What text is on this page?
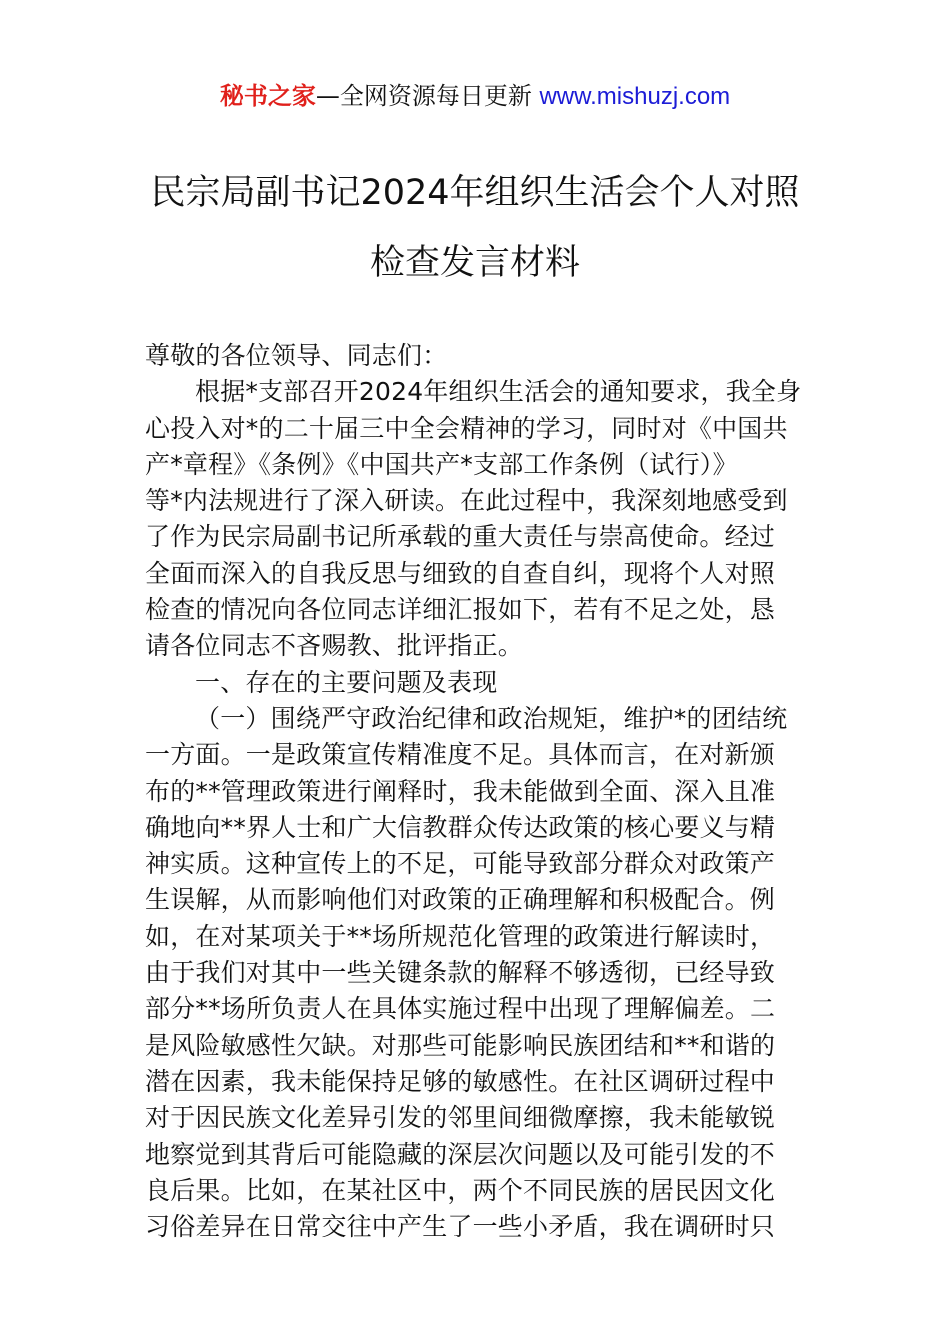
秘书之家—全网资源每日更新 www.mishuzj.com
民宗局副书记2024年组织生活会个人对照
检查发言材料
尊敬的各位领导、同志们：
根据*支部召开2024年组织生活会的通知要求，我全身
心投入对*的二十届三中全会精神的学习，同时对《中国共
产*章程》《条例》《中国共产*支部工作条例（试行）》
等*内法规进行了深入研读。在此过程中，我深刻地感受到
了作为民宗局副书记所承载的重大责任与崇高使命。经过
全面而深入的自我反思与细致的自查自纠，现将个人对照
检查的情况向各位同志详细汇报如下，若有不足之处，恳
请各位同志不吝赐教、批评指正。
一、存在的主要问题及表现
（一）围绕严守政治纪律和政治规矩，维护*的团结统
一方面。一是政策宣传精准度不足。具体而言，在对新颁
布的**管理政策进行阐释时，我未能做到全面、深入且准
确地向**界人士和广大信教群众传达政策的核心要义与精
神实质。这种宣传上的不足，可能导致部分群众对政策产
生误解，从而影响他们对政策的正确理解和积极配合。例
如，在对某项关于**场所规范化管理的政策进行解读时，
由于我们对其中一些关键条款的解释不够透彻，已经导致
部分**场所负责人在具体实施过程中出现了理解偏差。二
是风险敏感性欠缺。对那些可能影响民族团结和**和谐的
潜在因素，我未能保持足够的敏感性。在社区调研过程中
对于因民族文化差异引发的邻里间细微摩擦，我未能敏锐
地察觉到其背后可能隐藏的深层次问题以及可能引发的不
良后果。比如，在某社区中，两个不同民族的居民因文化
习俗差异在日常交往中产生了一些小矛盾，我在调研时只
